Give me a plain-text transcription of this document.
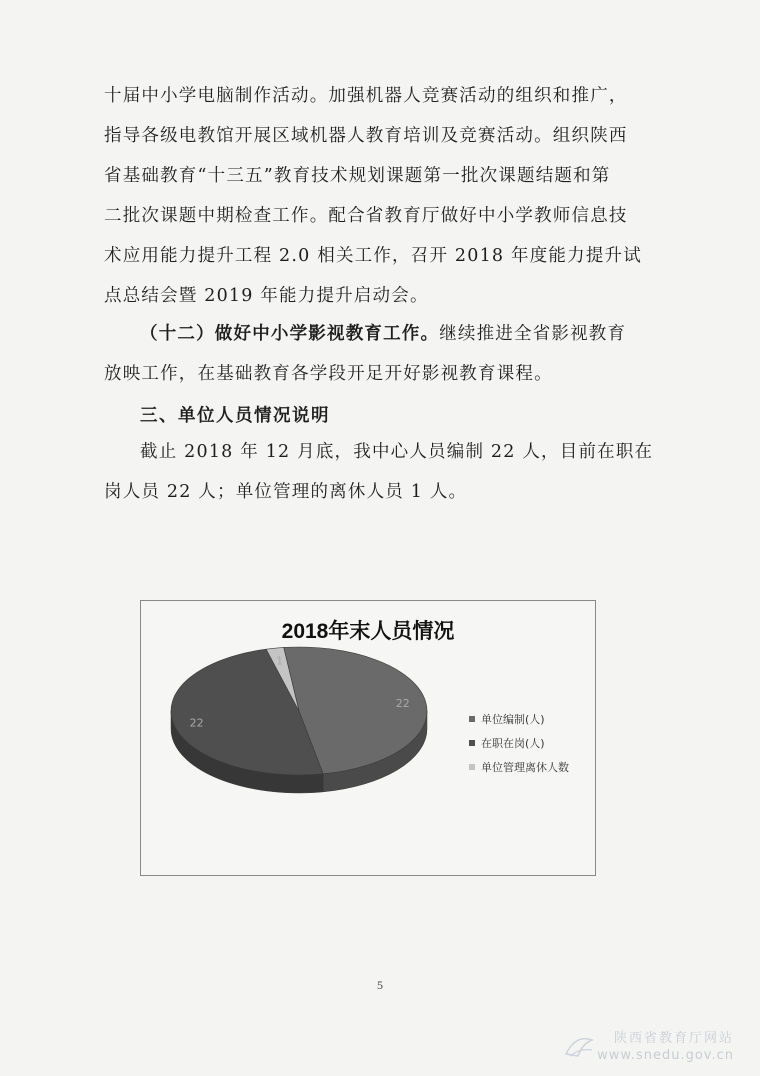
十届中小学电脑制作活动。加强机器人竞赛活动的组织和推广，
指导各级电教馆开展区域机器人教育培训及竞赛活动。组织陕西
省基础教育“十三五”教育技术规划课题第一批次课题结题和第
二批次课题中期检查工作。配合省教育厅做好中小学教师信息技
术应用能力提升工程 2.0 相关工作，召开 2018 年度能力提升试
点总结会暨 2019 年能力提升启动会。
（十二）做好中小学影视教育工作。继续推进全省影视教育
放映工作，在基础教育各学段开足开好影视教育课程。
三、单位人员情况说明
截止 2018 年 12 月底，我中心人员编制 22 人，目前在职在
岗人员 22 人；单位管理的离休人员 1 人。
2018年末人员情况
22
22
1
单位编制(人)
在职在岗(人)
单位管理离休人数
5
陕西省教育厅网站
www.snedu.gov.cn
